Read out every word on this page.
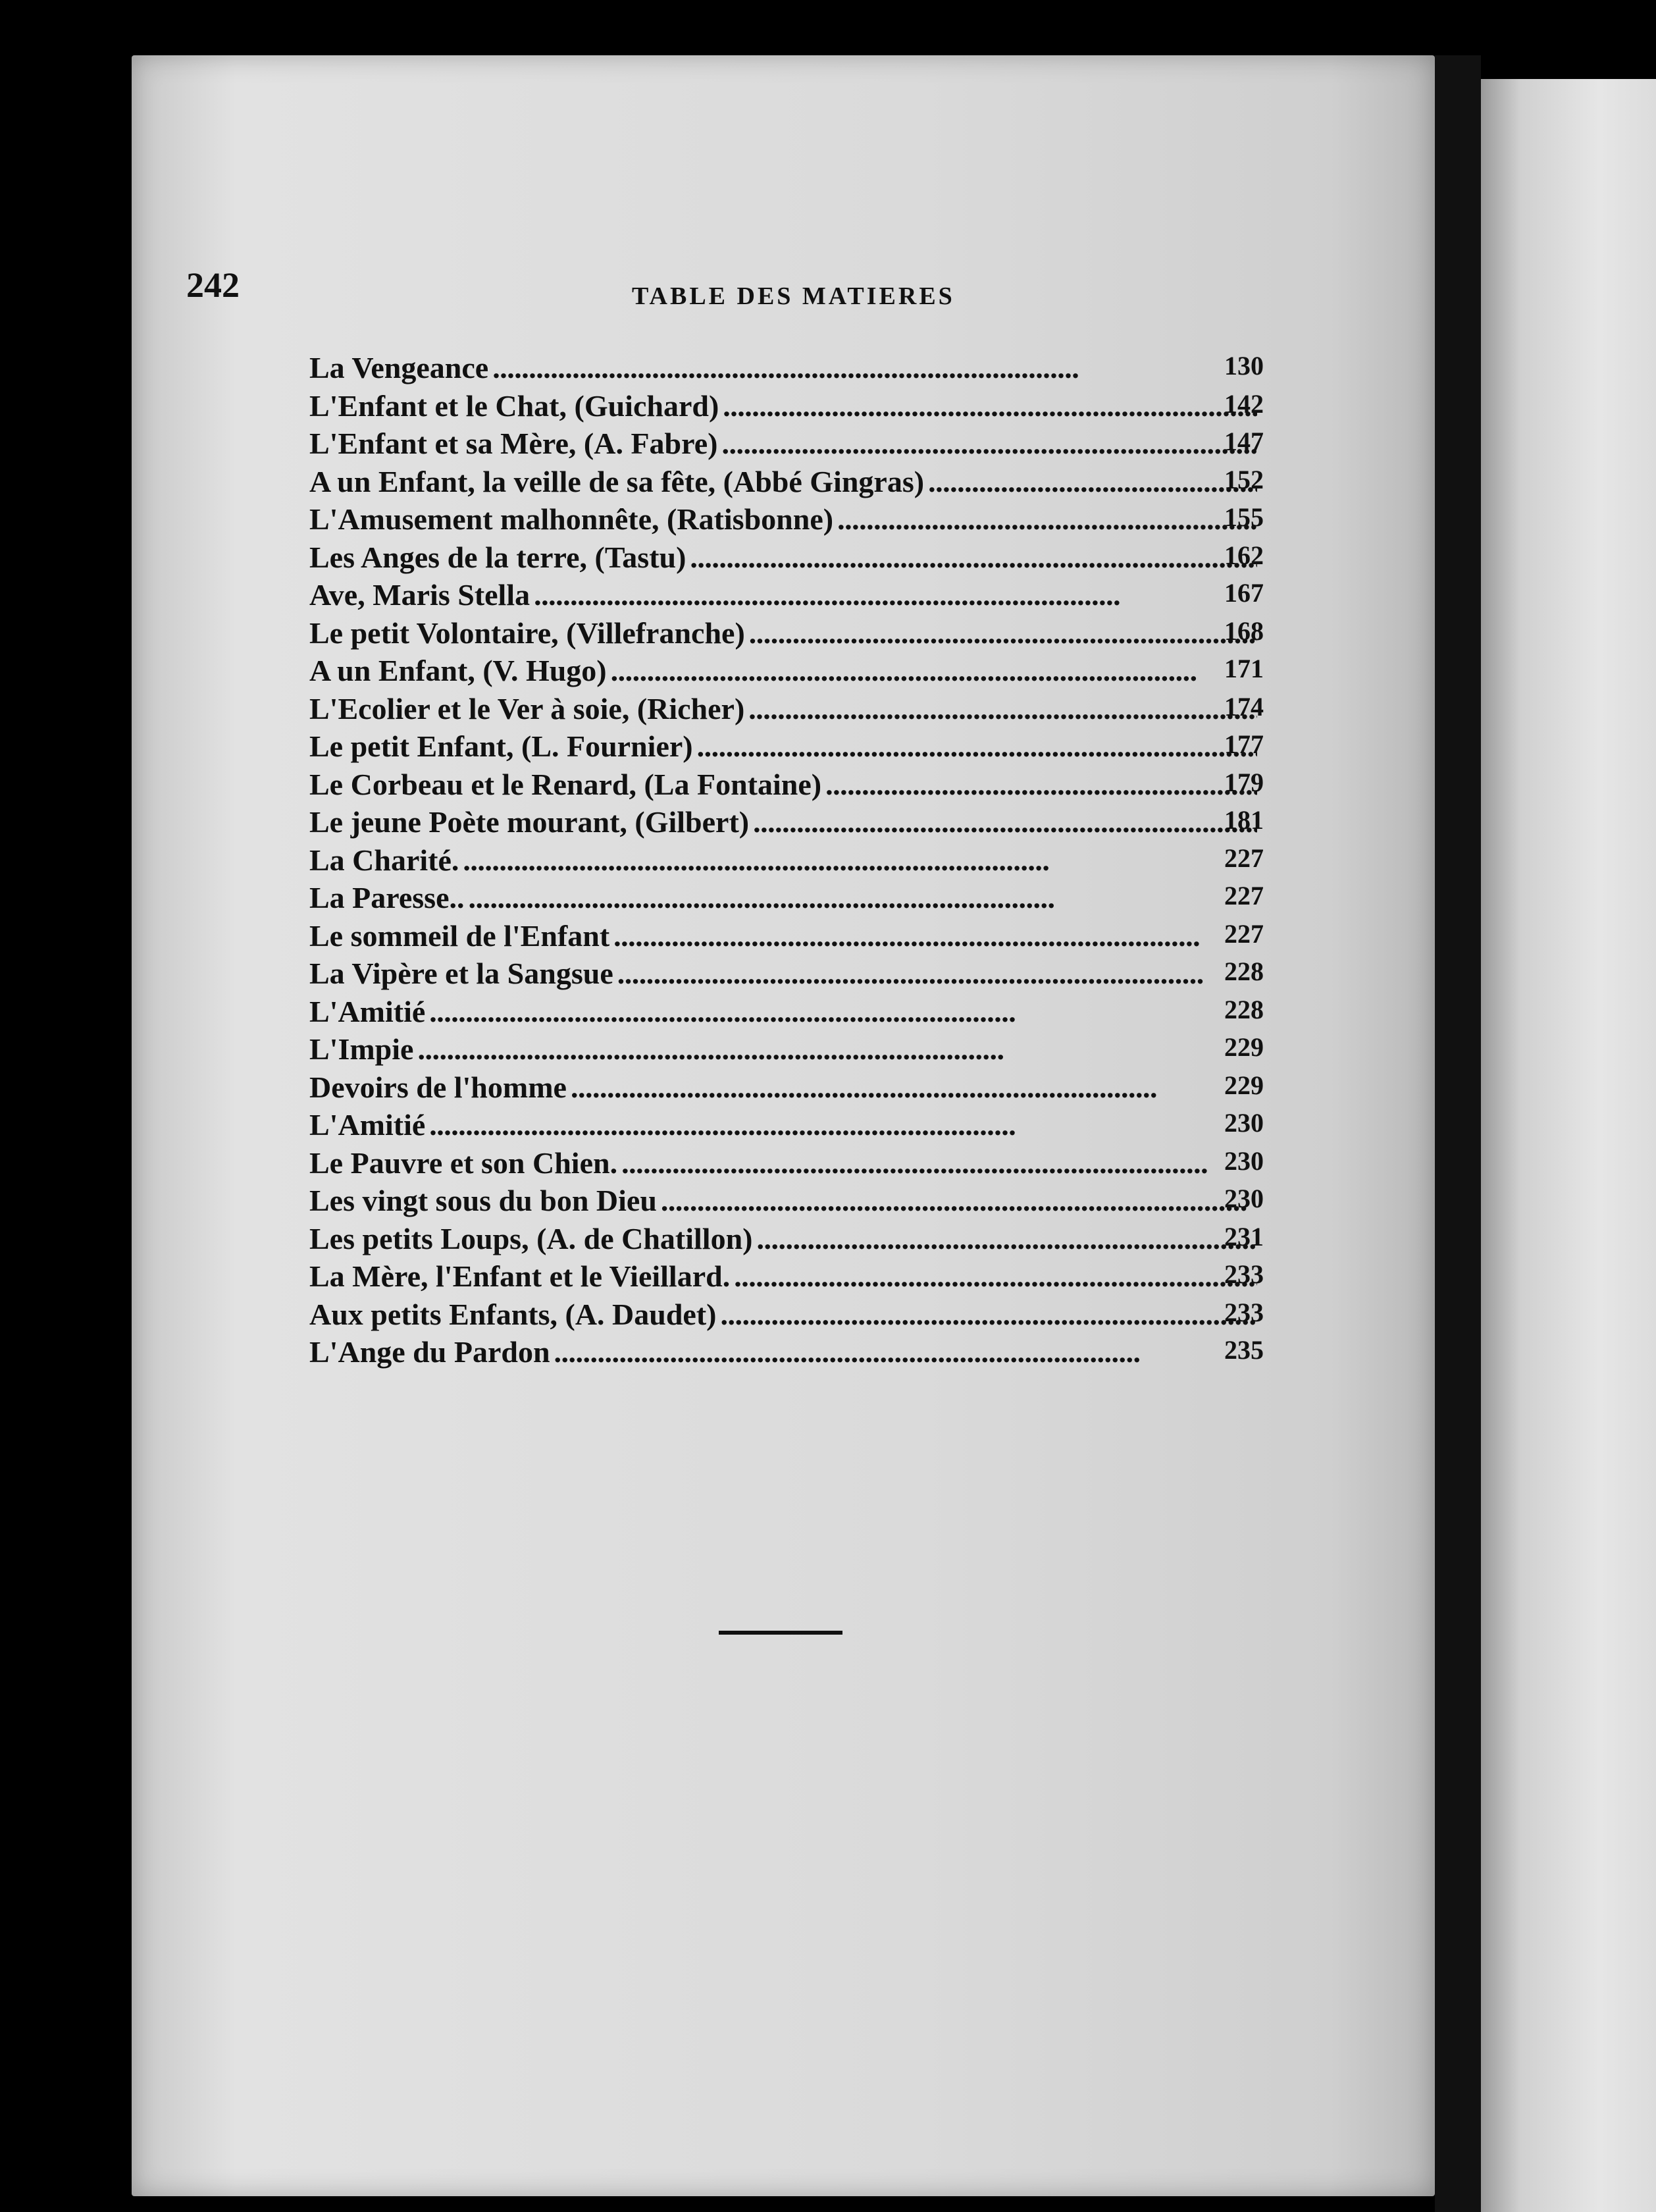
242	TABLE DES MATIERES
La Vengeance . . .	130
L'Enfant et le Chat, (Guichard) . . .	142
L'Enfant et sa Mère, (A. Fabre) . . .	147
A un Enfant, la veille de sa fête, (Abbé Gingras) . . .	152
L'Amusement malhonnête, (Ratisbonne) . . .	155
Les Anges de la terre, (Tastu) . . .	162
Ave, Maris Stella . . .	167
Le petit Volontaire, (Villefranche) . . .	168
A un Enfant, (V. Hugo) . . .	171
L'Ecolier et le Ver à soie, (Richer) . . .	174
Le petit Enfant, (L. Fournier) . . .	177
Le Corbeau et le Renard, (La Fontaine) . . .	179
Le jeune Poète mourant, (Gilbert) . . .	181
La Charité. . . .	227
La Paresse.. . . .	227
Le sommeil de l'Enfant . . .	227
La Vipère et la Sangsue . . .	228
L'Amitié . . .	228
L'Impie . . .	229
Devoirs de l'homme . . .	229
L'Amitié . . .	230
Le Pauvre et son Chien. . . .	230
Les vingt sous du bon Dieu . . .	230
Les petits Loups, (A. de Chatillon) . . .	231
La Mère, l'Enfant et le Vieillard. . . .	233
Aux petits Enfants, (A. Daudet) . . .	233
L'Ange du Pardon . . .	235
